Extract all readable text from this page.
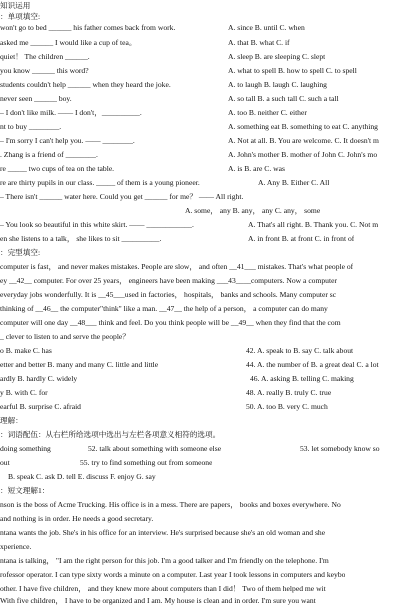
知识运用
：单项填空:
won't go to bed ______ his father comes back from work.	A. since B. until C. when
asked me ______ I would like a cup of tea。	A. that B. what C. if
quiet！ The children ______.	A. sleep B. are sleeping C. slept
you know ______ this word?	A. what to spell B. how to spell C. to spell
students couldn't help ______ when they heard the joke.	A. to laugh B. laugh C. laughing
never seen ______ boy.	A. so tall B. a such tall C. such a tall
– I don't like milk. —— I don't，__________.	A. too B. neither C. either
nt to buy ________.	A. something eat B. something to eat C. anything
– I'm sorry I can't help you. —— ________.	A. Not at all. B. You are welcome. C. It doesn't m
. Zhang is a friend of ________.	A. John's mother B. mother of John C. John's mo
re _____ two cups of tea on the table.	A. is B. are C. was
re are thirty pupils in our class. _____ of them is a young pioneer.	A. Any B. Either C. All
– There isn't ______ water here. Could you get ______ for me？ —— All right.
A. some， any B. any， any C. any， some
– You look so beautiful in this white skirt. —— ____________.	A. That's all right. B. Thank you. C. Not m
en she listens to a talk， she likes to sit __________.	A. in front B. at front C. in front of
：完型填空:
computer is fast， and never makes mistakes. People are slow， and often __41___ mistakes. That's what people of
ey __42__ computer. For over 25 years， engineers have been making ___43____computers. Now a computer
everyday jobs wonderfully. It is __45___used in factories， hospitals， banks and schools. Many computer sc
thinking of __46__ the computer"think" like a man. __47__ the help of a person， a computer can do many
computer will one day __48___ think and feel. Do you think people will be __49__ when they find that the com
_ clever to listen to and serve the people？
o B. make C. has	42. A. speak to B. say C. talk about
etter and better B. many and many C. little and little	44. A. the number of B. a great deal C. a lot
ardly B. hardly C. widely	46. A. asking B. telling C. making
y B. with C. for	48. A. really B. truly C. true
earful B. surprise C. afraid	50. A. too B. very C. much
理解：
：词语配伍：从右栏所给选项中选出与左栏各项意义相符的选项。
doing something	52. talk about something with someone else	53. let somebody know so
out	55. try to find something out from someone
B. speak C. ask D. tell E. discuss F. enjoy G. say
：短文理解1：
nson is the boss of Acme Trucking. His office is in a mess. There are papers， books and boxes everywhere. No
and nothing is in order. He needs a good secretary.
ntana wants the job. She's in his office for an interview. He's surprised because she's an old woman and she
xperience.
ntana is talking， "I am the right person for this job. I'm a good talker and I'm friendly on the telephone. I'm
rofessor operator. I can type sixty words a minute on a computer. Last year I took lessons in computers and keybo
other. I have five children， and they knew more about computers than I did！ Two of them helped me wit
With five children， I have to be organized and I am. My house is clean and in order. I'm sure you want
